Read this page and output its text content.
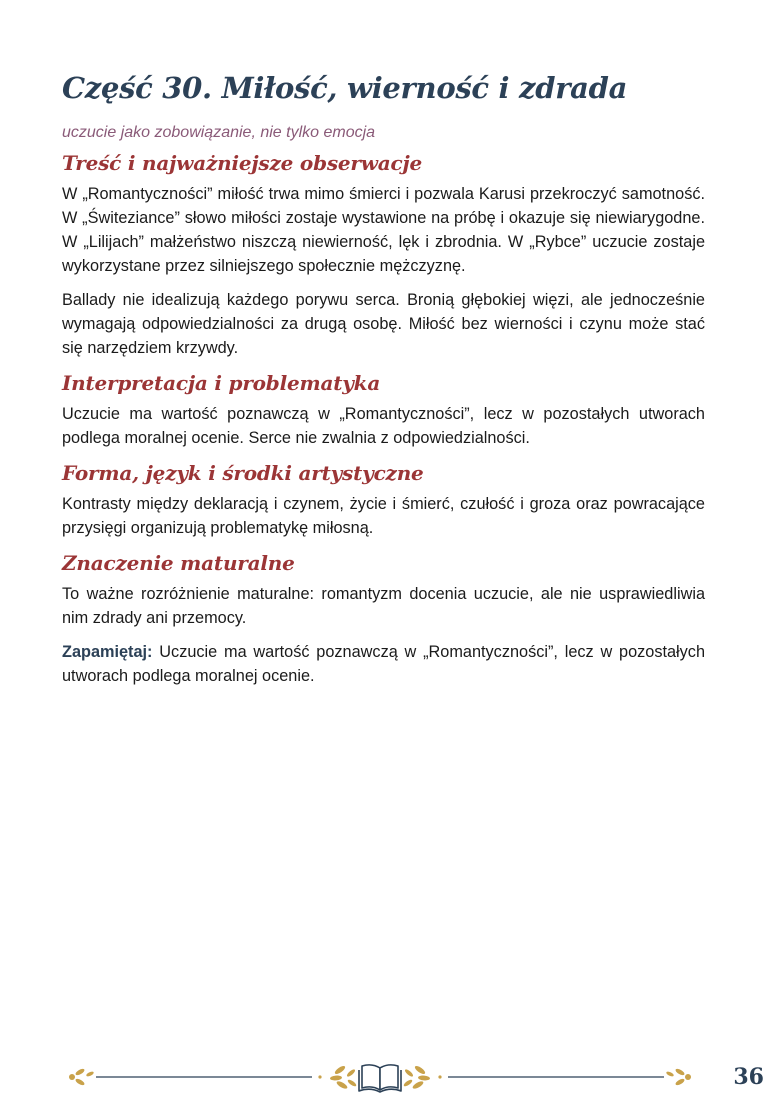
Część 30. Miłość, wierność i zdrada
uczucie jako zobowiązanie, nie tylko emocja
Treść i najważniejsze obserwacje

W „Romantyczności” miłość trwa mimo śmierci i pozwala Karusi przekroczyć samotność. W „Świteziance” słowo miłości zostaje wystawione na próbę i okazuje się niewiarygodne. W „Lilijach” małżeństwo niszczą niewierność, lęk i zbrodnia. W „Rybce” uczucie zostaje wykorzystane przez silniejszego społecznie mężczyznę.

Ballady nie idealizują każdego porywu serca. Bronią głębokiej więzi, ale jednocześnie wymagają odpowiedzialności za drugą osobę. Miłość bez wierności i czynu może stać się narzędziem krzywdy.

Interpretacja i problematyka

Uczucie ma wartość poznawczą w „Romantyczności”, lecz w pozostałych utworach podlega moralnej ocenie. Serce nie zwalnia z odpowiedzialności.

Forma, język i środki artystyczne

Kontrasty między deklaracją i czynem, życie i śmierć, czułość i groza oraz powracające przysięgi organizują problematykę miłosną.

Znaczenie maturalne

To ważne rozróżnienie maturalne: romantyzm docenia uczucie, ale nie usprawiedliwia nim zdrady ani przemocy.

Zapamiętaj: Uczucie ma wartość poznawczą w „Romantyczności”, lecz w pozostałych utworach podlega moralnej ocenie.

36
